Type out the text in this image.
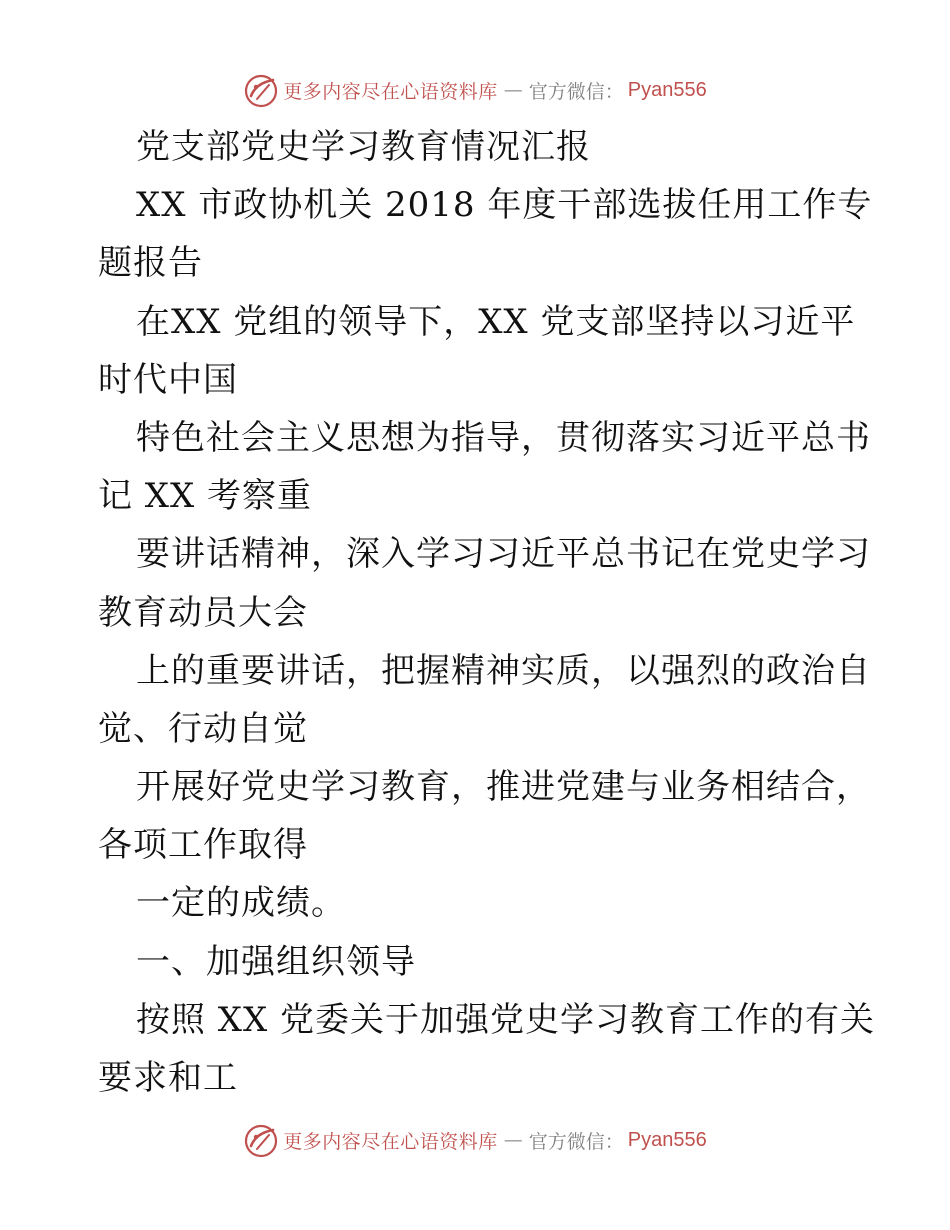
更多内容尽在心语资料库 — 官方微信： Pyan556
党支部党史学习教育情况汇报
XX 市政协机关 2018 年度干部选拔任用工作专
题报告
在XX 党组的领导下，XX 党支部坚持以习近平
时代中国
特色社会主义思想为指导，贯彻落实习近平总书
记 XX 考察重
要讲话精神，深入学习习近平总书记在党史学习
教育动员大会
上的重要讲话，把握精神实质，以强烈的政治自
觉、行动自觉
开展好党史学习教育，推进党建与业务相结合，
各项工作取得
一定的成绩。
一、加强组织领导
按照 XX 党委关于加强党史学习教育工作的有关
要求和工
更多内容尽在心语资料库 — 官方微信： Pyan556
